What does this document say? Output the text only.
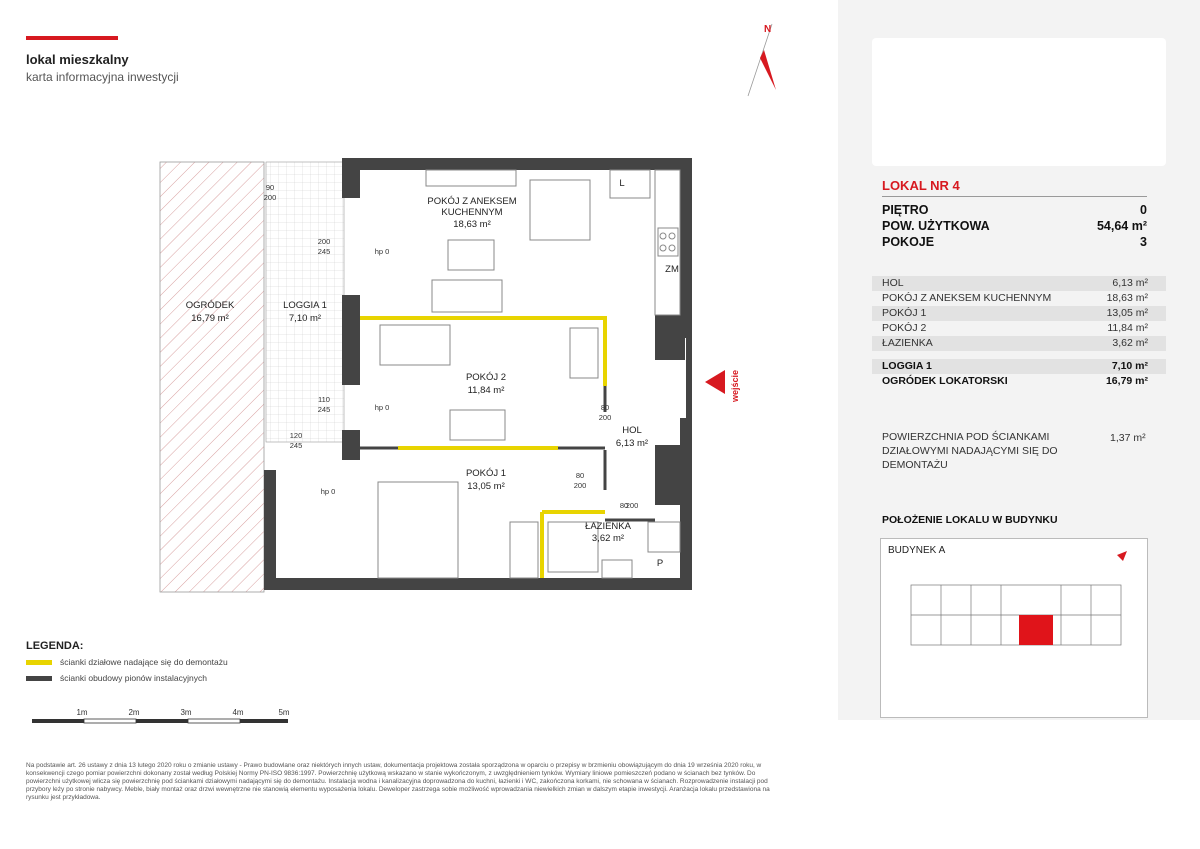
lokal mieszkalny
karta informacyjna inwestycji
N
L
ZM
P
OGRÓDEK
16,79 m²
LOGGIA 1
7,10 m²
POKÓJ Z ANEKSEM
KUCHENNYM
18,63 m²
POKÓJ 2
11,84 m²
POKÓJ 1
13,05 m²
HOL
6,13 m²
ŁAZIENKA
3,62 m²
90
200
200
245
110
245
120
245
80
200
80
200
80
200
hp 0
hp 0
hp 0
wejście
LEGENDA:
ścianki działowe nadające się do demontażu
ścianki obudowy pionów instalacyjnych
1m	2m	3m	4m	5m
Na podstawie art. 26 ustawy z dnia 13 lutego 2020 roku o zmianie ustawy - Prawo budowlane oraz niektórych innych ustaw, dokumentacja projektowa została sporządzona w oparciu o przepisy w brzmieniu obowiązującym do dnia 19 września 2020 roku, w konsekwencji czego pomiar powierzchni dokonany został według Polskiej Normy PN-ISO 9836:1997. Powierzchnię użytkową wskazano w stanie wykończonym, z uwzględnieniem tynków. Wymiary liniowe pomieszczeń podano w ścianach bez tynków. Do powierzchni użytkowej wlicza się powierzchnię pod ściankami działowymi nadającymi się do demontażu. Instalacja wodna i kanalizacyjna doprowadzona do kuchni, łazienki i WC, zakończona korkami, nie schowana w ścianach. Rozprowadzenie instalacji pod przybory leży po stronie nabywcy. Meble, biały montaż oraz drzwi wewnętrzne nie stanowią elementu wyposażenia lokalu. Deweloper zastrzega sobie możliwość wprowadzania niewielkich zmian w dalszym etapie inwestycji. Aranżacja lokalu przedstawiona na rysunku jest przykładowa.
LOKAL NR 4
PIĘTRO	0
POW. UŻYTKOWA	54,64 m²
POKOJE	3
HOL	6,13 m²
POKÓJ Z ANEKSEM KUCHENNYM	18,63 m²
POKÓJ 1	13,05 m²
POKÓJ 2	11,84 m²
ŁAZIENKA	3,62 m²
LOGGIA 1	7,10 m²
OGRÓDEK LOKATORSKI	16,79 m²
POWIERZCHNIA POD ŚCIANKAMI DZIAŁOWYMI NADAJĄCYMI SIĘ DO DEMONTAŻU
1,37 m²
POŁOŻENIE LOKALU W BUDYNKU
BUDYNEK A
